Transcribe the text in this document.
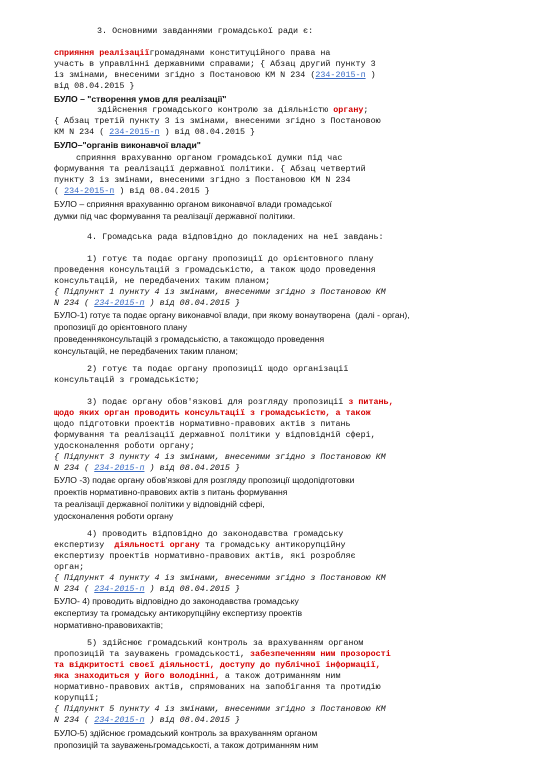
3. Основними завданнями громадської ради є:
сприяння реалізаціїгромадянами конституційного права на
участь в управлінні державними справами; { Абзац другий пункту 3
із змінами, внесеними згідно з Постановою КМ N 234 (234-2015-п )
від 08.04.2015 }
БУЛО – "створення умов для реалізації"
здійснення громадського контролю за діяльністю органу;
{ Абзац третій пункту 3 із змінами, внесеними згідно з Постановою
КМ N 234 ( 234-2015-п ) від 08.04.2015 }
БУЛО–"органів виконавчої влади"
сприяння врахуванню органом громадської думки під час
формування та реалізації державної політики. { Абзац четвертий
пункту 3 із змінами, внесеними згідно з Постановою КМ N 234
( 234-2015-п ) від 08.04.2015 }
БУЛО – сприяння врахуванню органом виконавчої влади громадської
думки під час формування та реалізації державної політики.
4. Громадська рада відповідно до покладених на неї завдань:
1) готує та подає органу пропозиції до орієнтовного плану
проведення консультацій з громадськістю, а також щодо проведення
консультацій, не передбачених таким планом;
{ Підпункт 1 пункту 4 із змінами, внесеними згідно з Постановою КМ
N 234 ( 234-2015-п ) від 08.04.2015 }
БУЛО-1) готує та подає органу виконавчої влади, при якому вонаутворена  (далі - орган),
пропозиції до орієнтовного плану
проведенняконсультацій з громадськістю, а такожщодо проведення
консультацій, не передбачених таким планом;
2) готує та подає органу пропозиції щодо організації
консультацій з громадськістю;
3) подає органу обов'язкові для розгляду пропозиції з питань,
щодо яких орган проводить консультації з громадськістю, а також
щодо підготовки проектів нормативно-правових актів з питань
формування та реалізації державної політики у відповідній сфері,
удосконалення роботи органу;
{ Підпункт 3 пункту 4 із змінами, внесеними згідно з Постановою КМ
N 234 ( 234-2015-п ) від 08.04.2015 }
БУЛО -3) подає органу обов'язкові для розгляду пропозиції щодопідготовки
проектів нормативно-правових актів з питань формування
та реалізації державної політики у відповідній сфері,
удосконалення роботи органу
4) проводить відповідно до законодавства громадську
експертизу діяльності органу та громадську антикорупційну
експертизу проектів нормативно-правових актів, які розробляє
орган;
{ Підпункт 4 пункту 4 із змінами, внесеними згідно з Постановою КМ
N 234 ( 234-2015-п ) від 08.04.2015 }
БУЛО- 4) проводить відповідно до законодавства громадську
експертизу та громадську антикорупційну експертизу проектів
нормативно-правовихактів;
5) здійснює громадський контроль за врахуванням органом
пропозицій та зауважень громадськості, забезпеченням ним прозорості
та відкритості своєї діяльності, доступу до публічної інформації,
яка знаходиться у його володінні, а також дотриманням ним
нормативно-правових актів, спрямованих на запобігання та протидію
корупції;
{ Підпункт 5 пункту 4 із змінами, внесеними згідно з Постановою КМ
N 234 ( 234-2015-п ) від 08.04.2015 }
БУЛО-5) здійснює громадський контроль за врахуванням органом
пропозицій та зауваженьгромадськості, а також дотриманням ним
